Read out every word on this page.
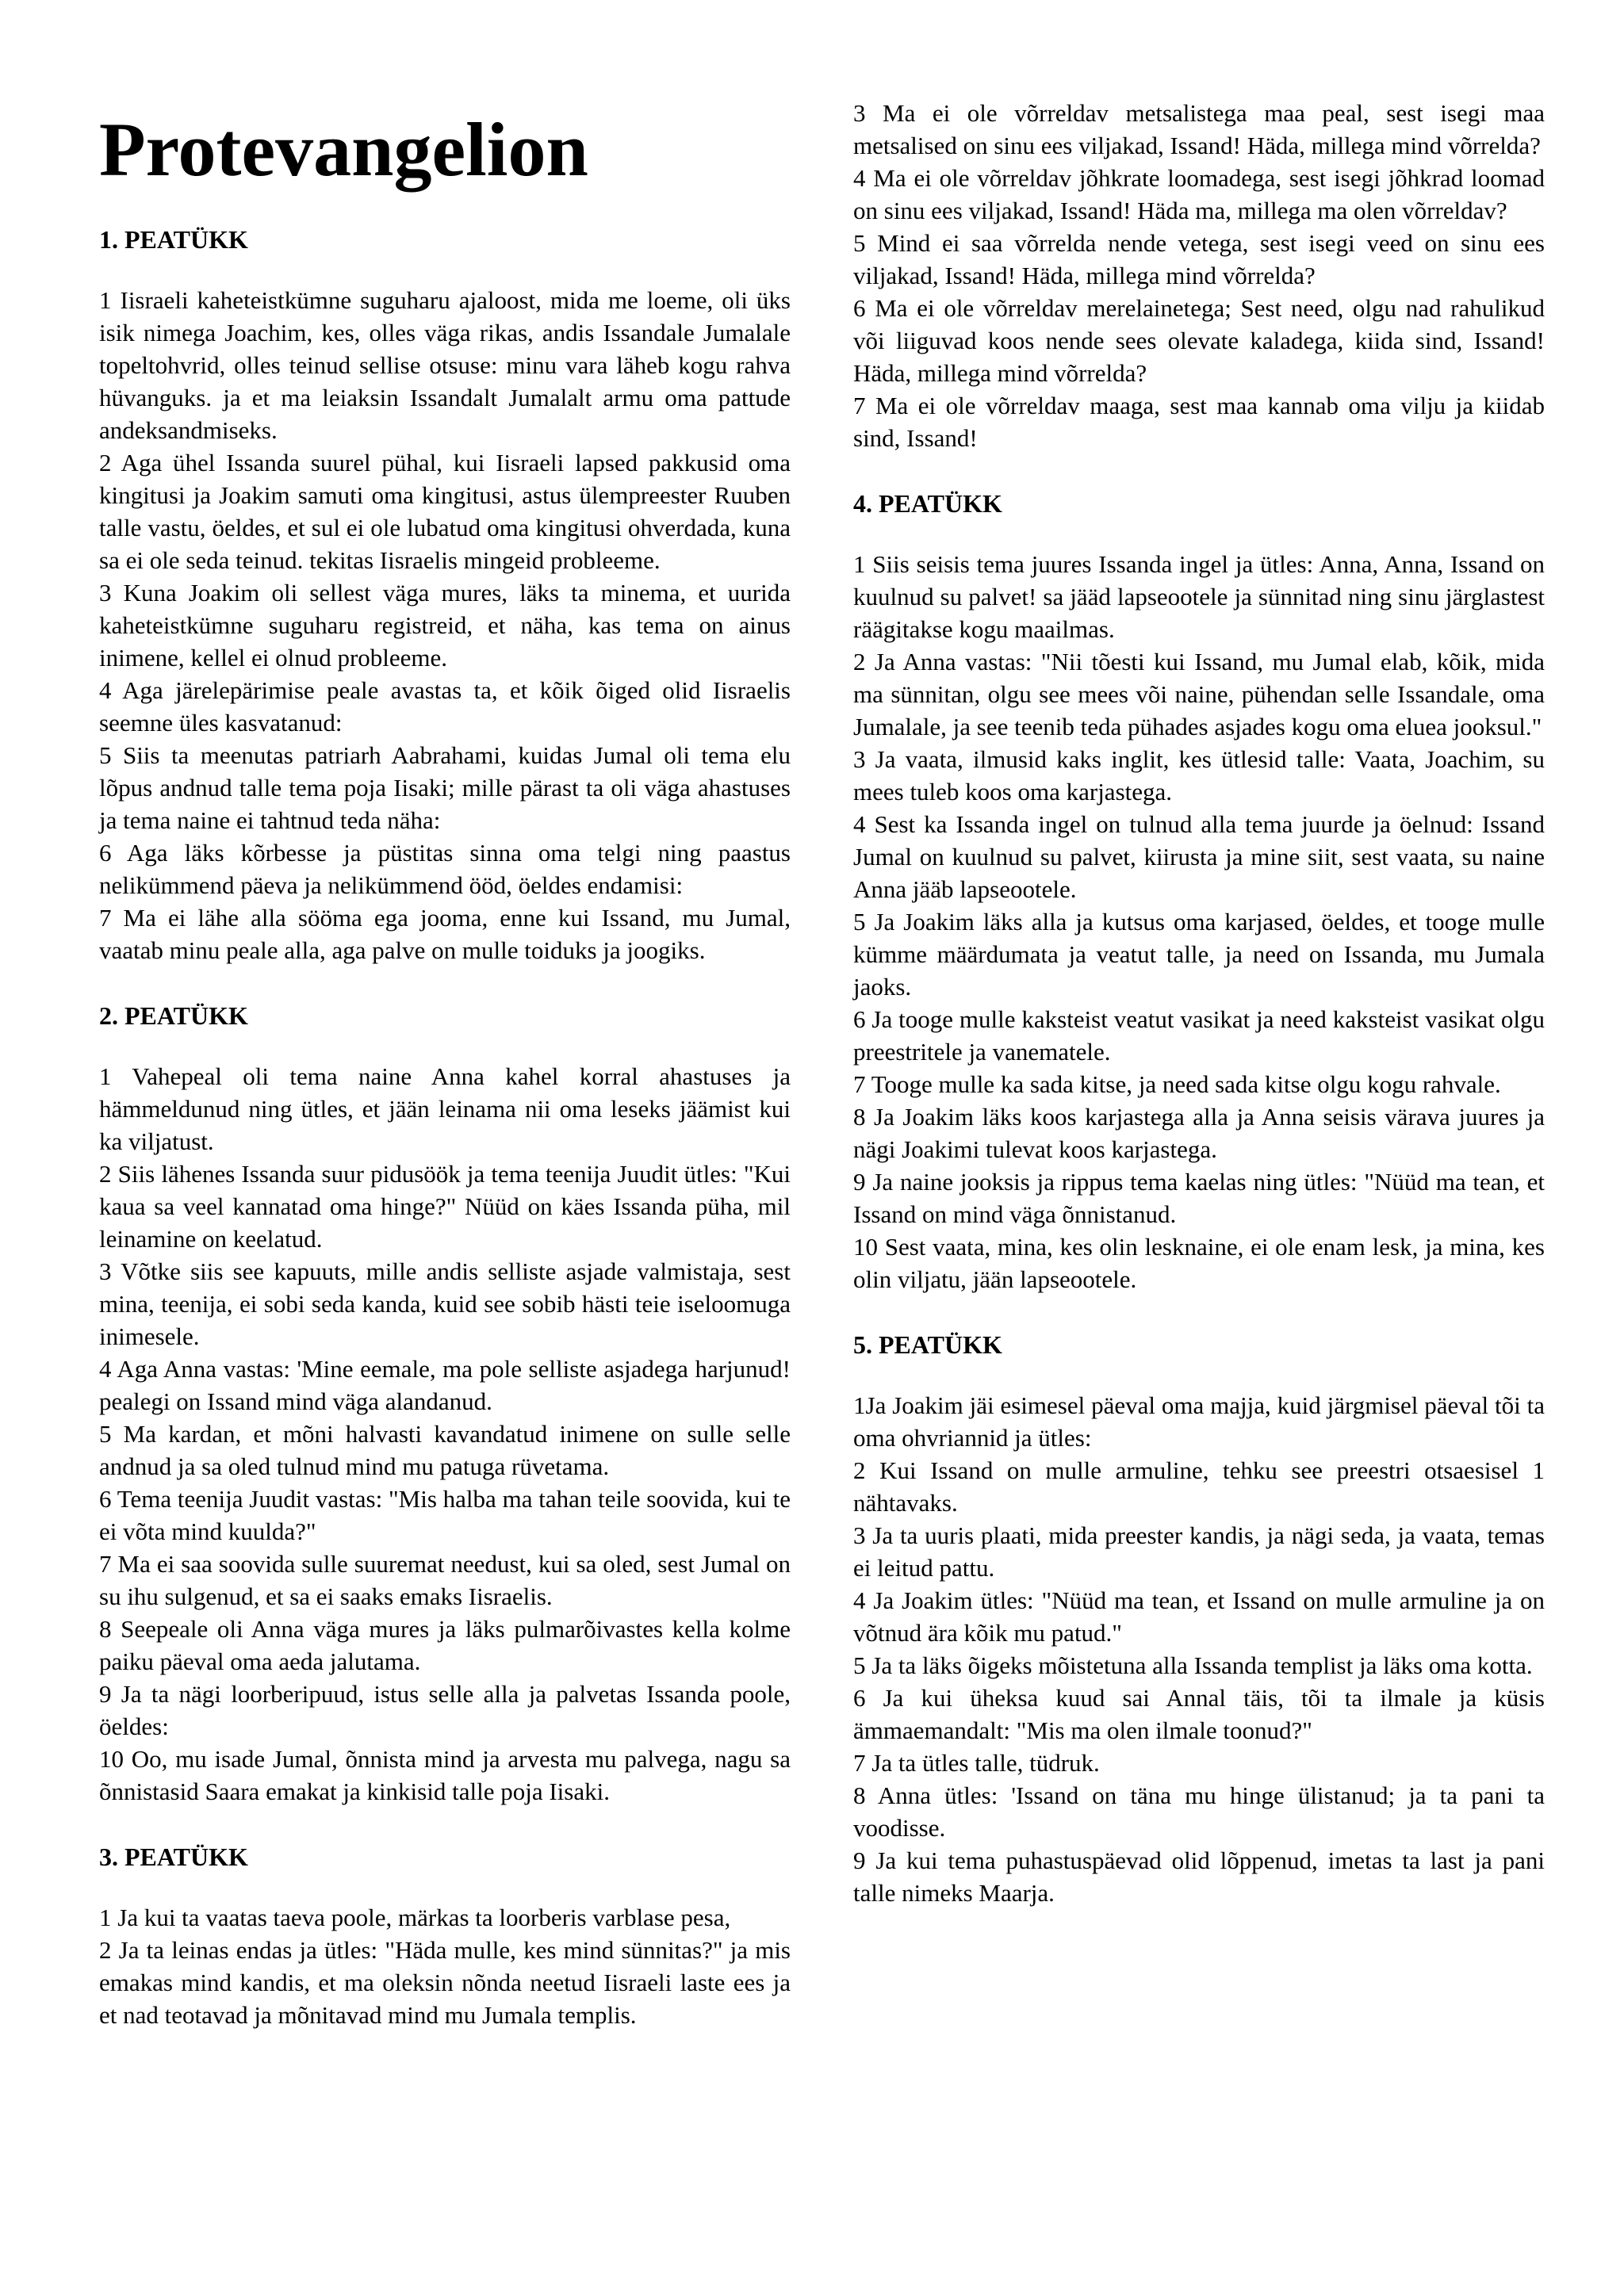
Protevangelion
1. PEATÜKK

1 Iisraeli kaheteistkümne suguharu ajaloost, mida me loeme, oli üks isik nimega Joachim, kes, olles väga rikas, andis Issandale Jumalale topeltohvrid, olles teinud sellise otsuse: minu vara läheb kogu rahva hüvanguks. ja et ma leiaksin Issandalt Jumalalt armu oma pattude andeksandmiseks.

2 Aga ühel Issanda suurel pühal, kui Iisraeli lapsed pakkusid oma kingitusi ja Joakim samuti oma kingitusi, astus ülempreester Ruuben talle vastu, öeldes, et sul ei ole lubatud oma kingitusi ohverdada, kuna sa ei ole seda teinud. tekitas Iisraelis mingeid probleeme.

3 Kuna Joakim oli sellest väga mures, läks ta minema, et uurida kaheteistkümne suguharu registreid, et näha, kas tema on ainus inimene, kellel ei olnud probleeme.

4 Aga järelepärimise peale avastas ta, et kõik õiged olid Iisraelis seemne üles kasvatanud:

5 Siis ta meenutas patriarh Aabrahami, kuidas Jumal oli tema elu lõpus andnud talle tema poja Iisaki; mille pärast ta oli väga ahastuses ja tema naine ei tahtnud teda näha:

6 Aga läks kõrbesse ja püstitas sinna oma telgi ning paastus nelikümmend päeva ja nelikümmend ööd, öeldes endamisi:

7 Ma ei lähe alla sööma ega jooma, enne kui Issand, mu Jumal, vaatab minu peale alla, aga palve on mulle toiduks ja joogiks.

2. PEATÜKK

1 Vahepeal oli tema naine Anna kahel korral ahastuses ja hämmeldunud ning ütles, et jään leinama nii oma leseks jäämist kui ka viljatust.

2 Siis lähenes Issanda suur pidusöök ja tema teenija Juudit ütles: "Kui kaua sa veel kannatad oma hinge?" Nüüd on käes Issanda püha, mil leinamine on keelatud.

3 Võtke siis see kapuuts, mille andis selliste asjade valmistaja, sest mina, teenija, ei sobi seda kanda, kuid see sobib hästi teie iseloomuga inimesele.

4 Aga Anna vastas: 'Mine eemale, ma pole selliste asjadega harjunud! pealegi on Issand mind väga alandanud.

5 Ma kardan, et mõni halvasti kavandatud inimene on sulle selle andnud ja sa oled tulnud mind mu patuga rüvetama.

6 Tema teenija Juudit vastas: "Mis halba ma tahan teile soovida, kui te ei võta mind kuulda?"

7 Ma ei saa soovida sulle suuremat needust, kui sa oled, sest Jumal on su ihu sulgenud, et sa ei saaks emaks Iisraelis.

8 Seepeale oli Anna väga mures ja läks pulmarõivastes kella kolme paiku päeval oma aeda jalutama.

9 Ja ta nägi loorberipuud, istus selle alla ja palvetas Issanda poole, öeldes:

10 Oo, mu isade Jumal, õnnista mind ja arvesta mu palvega, nagu sa õnnistasid Saara emakat ja kinkisid talle poja Iisaki.

3. PEATÜKK

1 Ja kui ta vaatas taeva poole, märkas ta loorberis varblase pesa,

2 Ja ta leinas endas ja ütles: "Häda mulle, kes mind sünnitas?" ja mis emakas mind kandis, et ma oleksin nõnda neetud Iisraeli laste ees ja et nad teotavad ja mõnitavad mind mu Jumala templis.

3 Ma ei ole võrreldav metsalistega maa peal, sest isegi maa metsalised on sinu ees viljakad, Issand! Häda, millega mind võrrelda?

4 Ma ei ole võrreldav jõhkrate loomadega, sest isegi jõhkrad loomad on sinu ees viljakad, Issand! Häda ma, millega ma olen võrreldav?

5 Mind ei saa võrrelda nende vetega, sest isegi veed on sinu ees viljakad, Issand! Häda, millega mind võrrelda?

6 Ma ei ole võrreldav merelainetega; Sest need, olgu nad rahulikud või liiguvad koos nende sees olevate kaladega, kiida sind, Issand! Häda, millega mind võrrelda?

7 Ma ei ole võrreldav maaga, sest maa kannab oma vilju ja kiidab sind, Issand!

4. PEATÜKK

1 Siis seisis tema juures Issanda ingel ja ütles: Anna, Anna, Issand on kuulnud su palvet! sa jääd lapseootele ja sünnitad ning sinu järglastest räägitakse kogu maailmas.

2 Ja Anna vastas: "Nii tõesti kui Issand, mu Jumal elab, kõik, mida ma sünnitan, olgu see mees või naine, pühendan selle Issandale, oma Jumalale, ja see teenib teda pühades asjades kogu oma eluea jooksul."

3 Ja vaata, ilmusid kaks inglit, kes ütlesid talle: Vaata, Joachim, su mees tuleb koos oma karjastega.

4 Sest ka Issanda ingel on tulnud alla tema juurde ja öelnud: Issand Jumal on kuulnud su palvet, kiirusta ja mine siit, sest vaata, su naine Anna jääb lapseootele.

5 Ja Joakim läks alla ja kutsus oma karjased, öeldes, et tooge mulle kümme määrdumata ja veatut talle, ja need on Issanda, mu Jumala jaoks.

6 Ja tooge mulle kaksteist veatut vasikat ja need kaksteist vasikat olgu preestritele ja vanematele.

7 Tooge mulle ka sada kitse, ja need sada kitse olgu kogu rahvale.

8 Ja Joakim läks koos karjastega alla ja Anna seisis värava juures ja nägi Joakimi tulevat koos karjastega.

9 Ja naine jooksis ja rippus tema kaelas ning ütles: "Nüüd ma tean, et Issand on mind väga õnnistanud.

10 Sest vaata, mina, kes olin lesknaine, ei ole enam lesk, ja mina, kes olin viljatu, jään lapseootele.

5. PEATÜKK

1Ja Joakim jäi esimesel päeval oma majja, kuid järgmisel päeval tõi ta oma ohvriannid ja ütles:

2 Kui Issand on mulle armuline, tehku see preestri otsaesisel 1 nähtavaks.

3 Ja ta uuris plaati, mida preester kandis, ja nägi seda, ja vaata, temas ei leitud pattu.

4 Ja Joakim ütles: "Nüüd ma tean, et Issand on mulle armuline ja on võtnud ära kõik mu patud."

5 Ja ta läks õigeks mõistetuna alla Issanda templist ja läks oma kotta.

6 Ja kui üheksa kuud sai Annal täis, tõi ta ilmale ja küsis ämmaemandalt: "Mis ma olen ilmale toonud?"

7 Ja ta ütles talle, tüdruk.

8 Anna ütles: 'Issand on täna mu hinge ülistanud; ja ta pani ta voodisse.

9 Ja kui tema puhastuspäevad olid lõppenud, imetas ta last ja pani talle nimeks Maarja.
